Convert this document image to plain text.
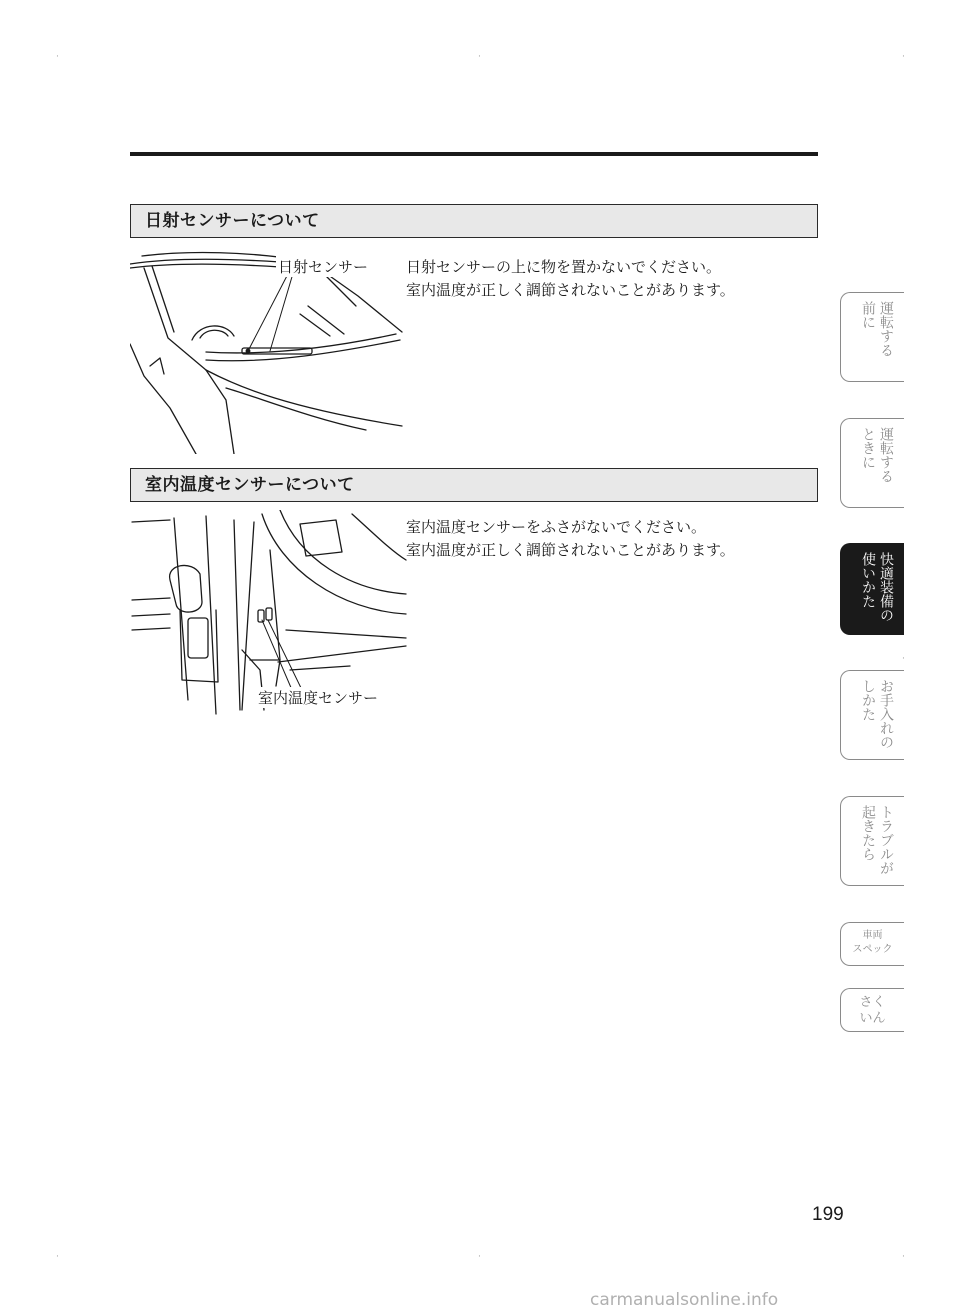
·	·	·
·	·	·
·
日射センサーについて
日射センサー	日射センサーの上に物を置かないでください。
室内温度が正しく調節されないことがあります。
室内温度センサーについて
室内温度センサー
室内温度センサーをふさがないでください。
室内温度が正しく調節されないことがあります。
運転する
前に
運転する
ときに
快適装備の
使いかた
お手入れの
しかた
トラブルが
起きたら
車両
スペック
さく
いん
199
carmanualsonline.info
